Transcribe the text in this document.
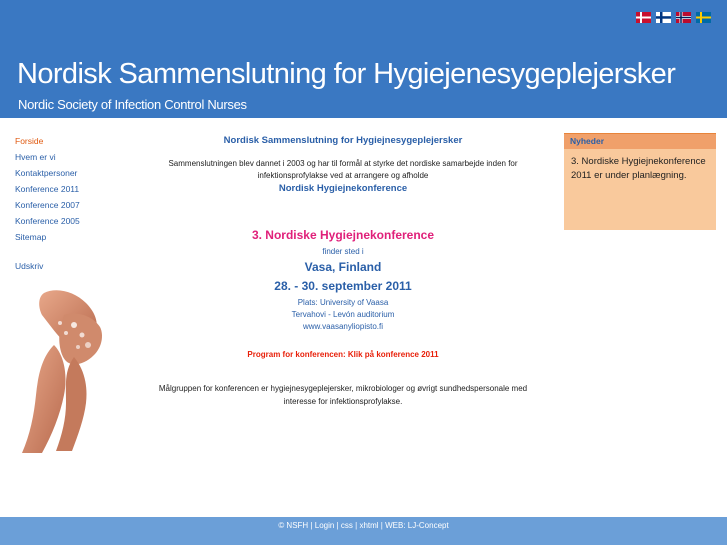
Nordisk Sammenslutning for Hygiejenesygeplejersker
Nordic Society of Infection Control Nurses
Forside
Hvem er vi
Kontaktpersoner
Konference 2011
Konference 2007
Konference 2005
Sitemap
Udskriv
Nordisk Sammenslutning for Hygiejnesygeplejersker
Sammenslutningen blev dannet i 2003 og har til formål at styrke det nordiske samarbejde inden for
infektionsprofylakse ved at arrangere og afholde
Nordisk Hygiejnekonference
3. Nordiske Hygiejnekonference
finder sted i
Vasa, Finland
28. - 30. september 2011
Plats: University of Vaasa
Tervahovi - Levón auditorium
www.vaasanyliopisto.fi
Program for konferencen: Klik på konference 2011
Målgruppen for konferencen er hygiejnesygeplejersker, mikrobiologer og øvrigt sundhedspersonale med
interesse for infektionsprofylakse.
Nyheder
3. Nordiske Hygiejnekonference 2011 er under planlægning.
© NSFH | Login | css | xhtml | WEB: LJ-Concept
